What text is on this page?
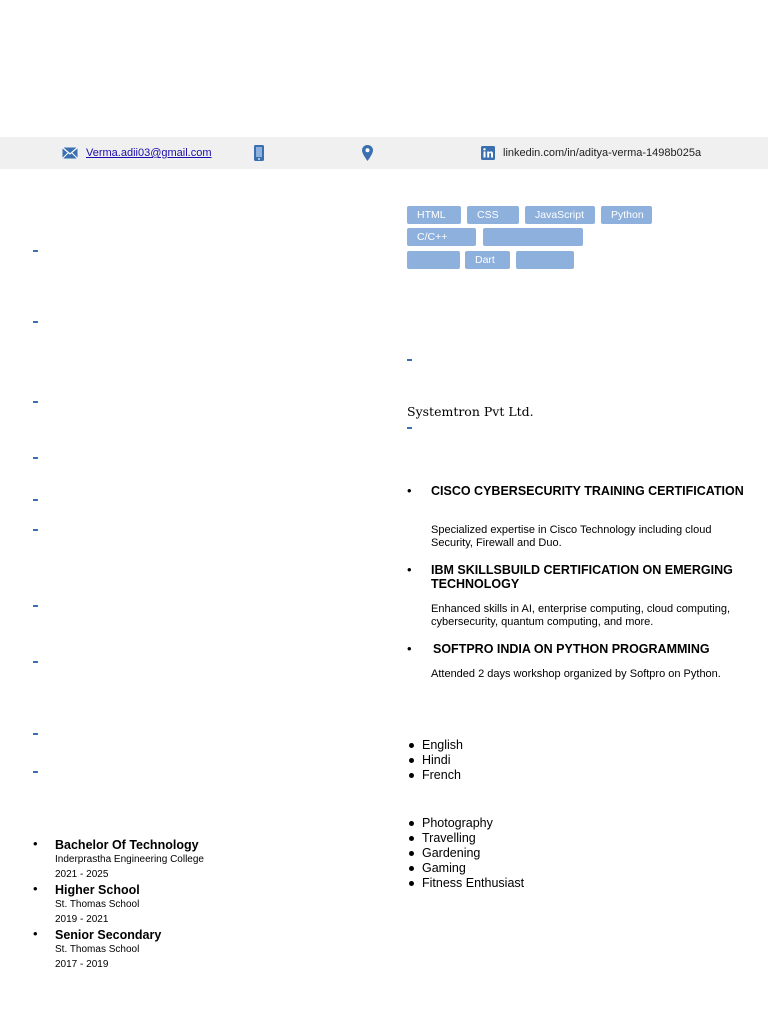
Verma.adii03@gmail.com	linkedin.com/in/aditya-verma-1498b025a
HTML	CSS	JavaScript	Python
C/C++
Dart
Systemtron Pvt Ltd.
• CISCO CYBERSECURITY TRAINING CERTIFICATION
Specialized expertise in Cisco Technology including cloud Security, Firewall and Duo.
• IBM SKILLSBUILD CERTIFICATION ON EMERGING TECHNOLOGY
Enhanced skills in AI, enterprise computing, cloud computing, cybersecurity, quantum computing, and more.
• SOFTPRO INDIA ON PYTHON PROGRAMMING
Attended 2 days workshop organized by Softpro on Python.
English
Hindi
French
Photography
Travelling
Gardening
Gaming
Fitness Enthusiast
• Bachelor Of Technology
Inderprastha Engineering College
2021 - 2025
• Higher School
St. Thomas School
2019 - 2021
• Senior Secondary
St. Thomas School
2017 - 2019
